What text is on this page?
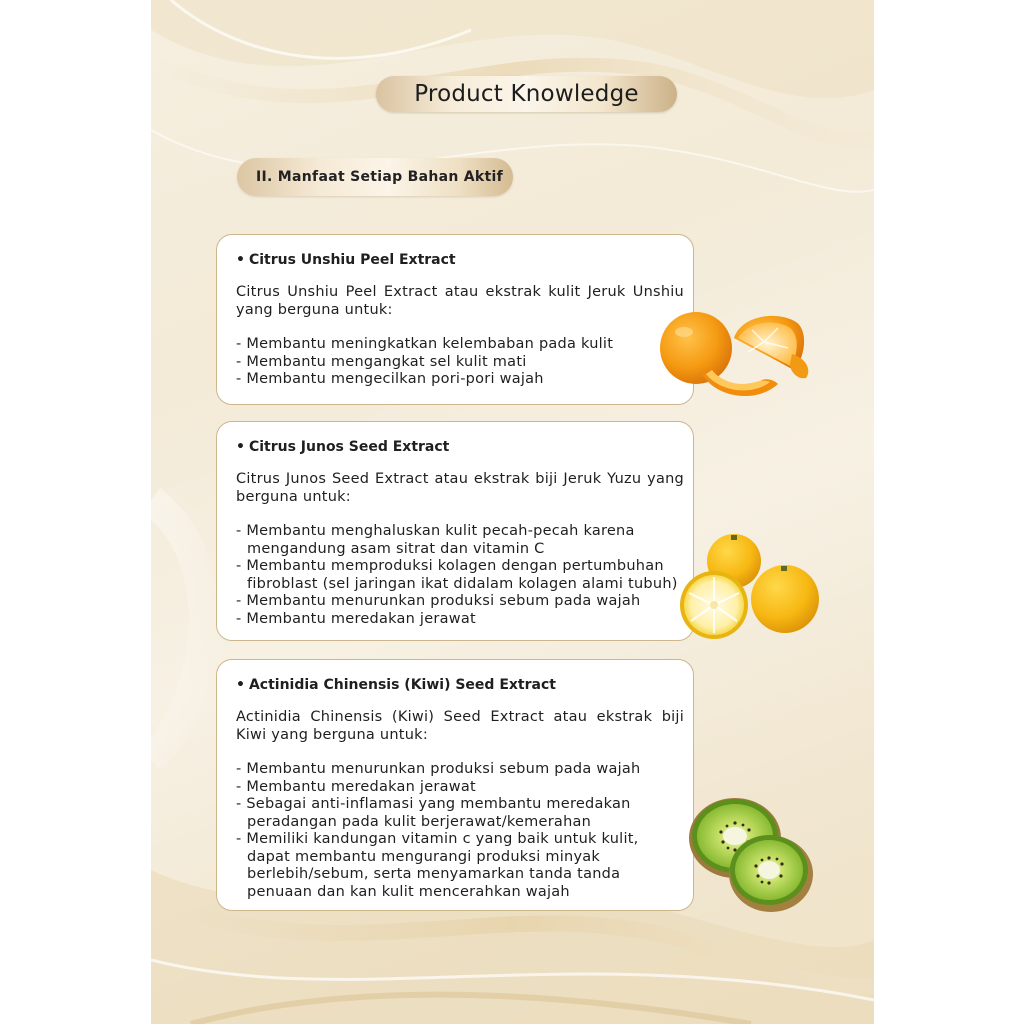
Product Knowledge
II. Manfaat Setiap Bahan Aktif
• Citrus Unshiu Peel Extract

Citrus Unshiu Peel Extract atau ekstrak kulit Jeruk Unshiu yang berguna untuk:

- Membantu meningkatkan kelembaban pada kulit
- Membantu mengangkat sel kulit mati
- Membantu mengecilkan pori-pori wajah
• Citrus Junos Seed Extract

Citrus Junos Seed Extract atau ekstrak biji Jeruk Yuzu yang berguna untuk:

- Membantu menghaluskan kulit pecah-pecah karena mengandung asam sitrat dan vitamin C
- Membantu memproduksi kolagen dengan pertumbuhan fibroblast (sel jaringan ikat didalam kolagen alami tubuh)
- Membantu menurunkan produksi sebum pada wajah
- Membantu meredakan jerawat
• Actinidia Chinensis (Kiwi) Seed Extract

Actinidia Chinensis (Kiwi) Seed Extract atau ekstrak biji Kiwi yang berguna untuk:

- Membantu menurunkan produksi sebum pada wajah
- Membantu meredakan jerawat
- Sebagai anti-inflamasi yang membantu meredakan peradangan pada kulit berjerawat/kemerahan
- Memiliki kandungan vitamin c yang baik untuk kulit, dapat membantu mengurangi produksi minyak berlebih/sebum, serta menyamarkan tanda tanda penuaan dan kan kulit mencerahkan wajah
